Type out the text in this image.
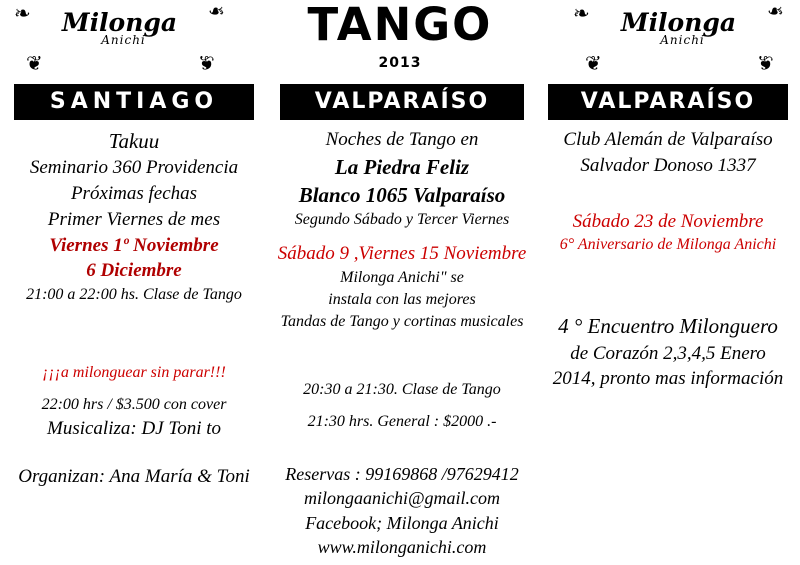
❧	❧
Milonga
Anichi
❦	❦
TANGO
2013
❧	❧
Milonga
Anichi
❦	❦
SANTIAGO
Takuu
Seminario 360 Providencia
Próximas fechas
Primer Viernes de mes
Viernes 1º Noviembre
6 Diciembre
21:00 a 22:00 hs. Clase de Tango
¡¡¡a milonguear sin parar!!!
22:00 hrs / $3.500 con cover
Musicaliza: DJ Toni to
Organizan: Ana María & Toni
VALPARAÍSO
Noches de Tango en
La Piedra Feliz
Blanco 1065 Valparaíso
Segundo Sábado y Tercer Viernes
Sábado 9 ,Viernes 15 Noviembre
Milonga Anichi" se
instala con las mejores
Tandas de Tango y cortinas musicales
20:30 a 21:30. Clase de Tango
21:30 hrs. General : $2000 .-
Reservas : 99169868 /97629412
milongaanichi@gmail.com
Facebook; Milonga Anichi
www.milonganichi.com
VALPARAÍSO
Club Alemán de Valparaíso
Salvador Donoso 1337
Sábado 23 de Noviembre
6° Aniversario de Milonga Anichi
4 ° Encuentro Milonguero
de Corazón 2,3,4,5 Enero
2014, pronto mas información
